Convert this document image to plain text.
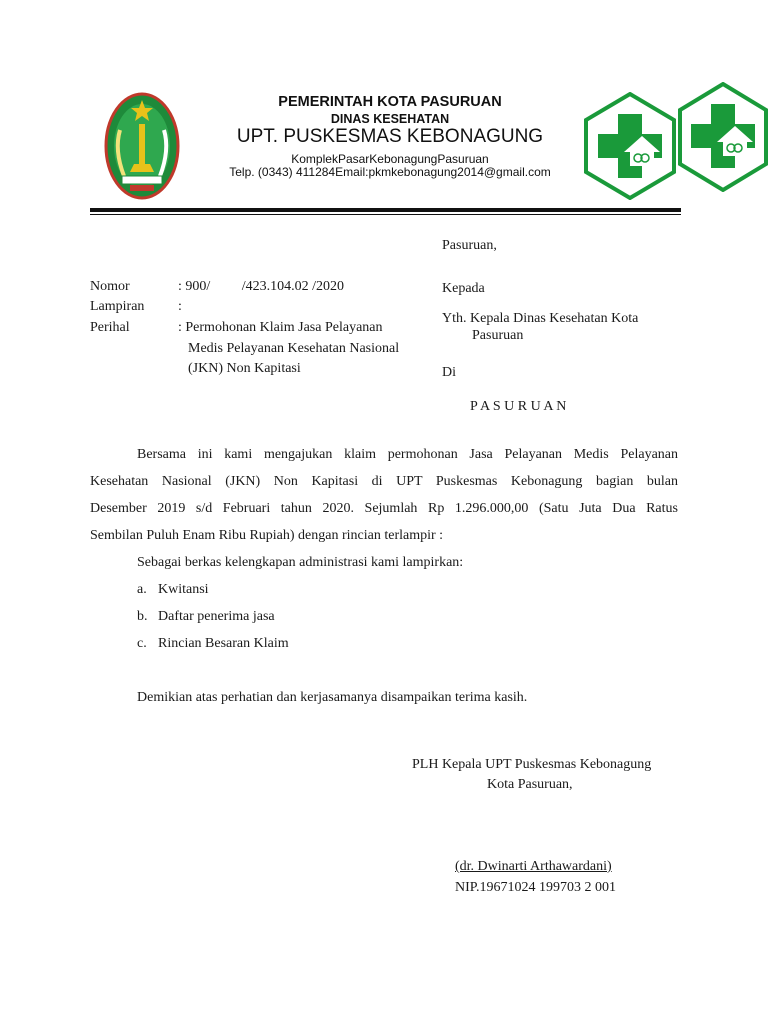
PEMERINTAH KOTA PASURUAN
DINAS KESEHATAN
UPT. PUSKESMAS KEBONAGUNG
KomplekPasarKebonagungPasuruan
Telp. (0343) 411284Email:pkmkebonagung2014@gmail.com
Pasuruan,
Nomor	: 900/         /423.104.02 /2020
Lampiran :
Perihal	: Permohonan Klaim Jasa Pelayanan
Medis Pelayanan Kesehatan Nasional
(JKN) Non Kapitasi
Kepada
Yth. Kepala Dinas Kesehatan Kota
Pasuruan
Di
P A S U R U A N
Bersama ini kami mengajukan klaim permohonan Jasa Pelayanan Medis Pelayanan
Kesehatan Nasional (JKN) Non Kapitasi di UPT Puskesmas Kebonagung bagian bulan
Desember 2019 s/d Februari tahun 2020. Sejumlah Rp 1.296.000,00 (Satu Juta Dua Ratus
Sembilan Puluh Enam Ribu Rupiah) dengan rincian terlampir :
Sebagai berkas kelengkapan administrasi kami lampirkan:
a. Kwitansi
b. Daftar penerima jasa
c. Rincian Besaran Klaim
Demikian atas perhatian dan kerjasamanya disampaikan terima kasih.
PLH Kepala UPT Puskesmas Kebonagung
Kota Pasuruan,
(dr. Dwinarti Arthawardani)
NIP.19671024 199703 2 001
